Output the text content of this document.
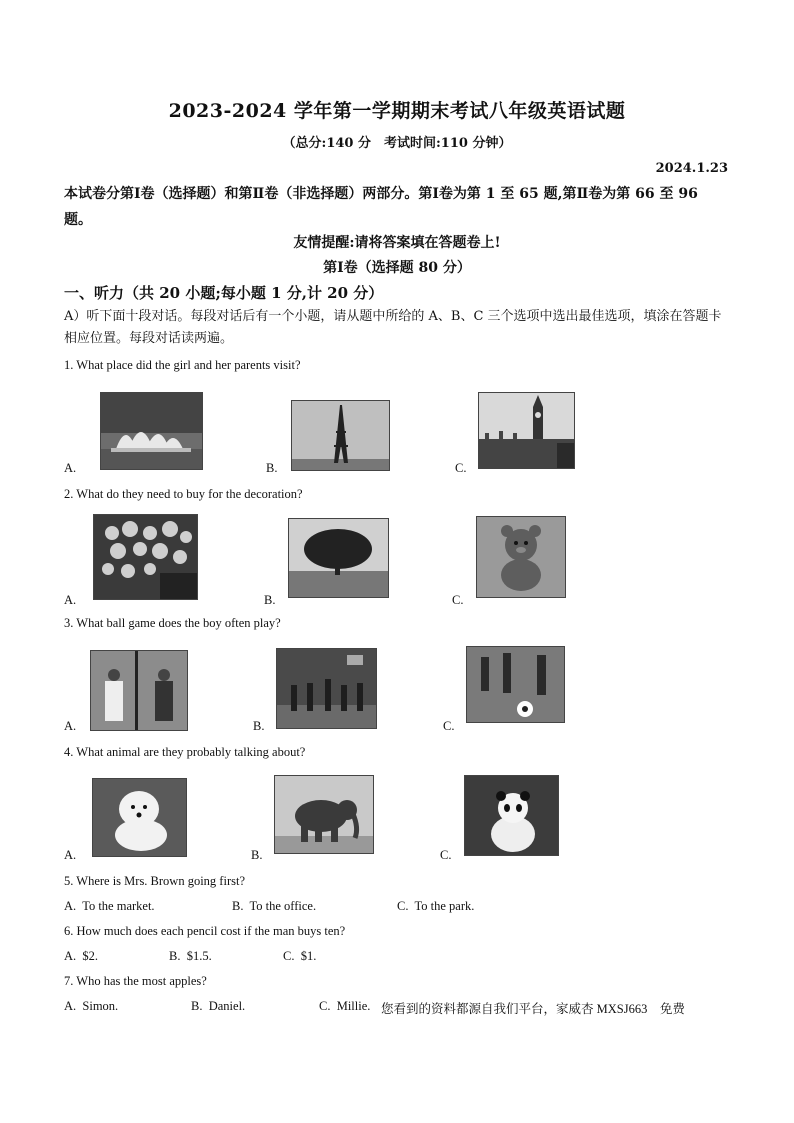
2023-2024 学年第一学期期末考试八年级英语试题
（总分:140 分　考试时间:110 分钟）
2024.1.23
本试卷分第Ⅰ卷（选择题）和第Ⅱ卷（非选择题）两部分。第Ⅰ卷为第 1 至 65 题,第Ⅱ卷为第 66 至 96 题。
友情提醒:请将答案填在答题卷上!
第Ⅰ卷（选择题 80 分）
一、听力（共 20 小题;每小题 1 分,计 20 分）
A）听下面十段对话。每段对话后有一个小题，请从题中所给的 A、B、C 三个选项中选出最佳选项，填涂在答题卡相应位置。每段对话读两遍。
1. What place did the girl and her parents visit?
A.	B.	C.
2. What do they need to buy for the decoration?
A.	B.	C.
3. What ball game does the boy often play?
A.	B.	C.
4. What animal are they probably talking about?
A.	B.	C.
5. Where is Mrs. Brown going first?
A. To the market.	B. To the office.	C. To the park.
6. How much does each pencil cost if the man buys ten?
A. $2.	B. $1.5.	C. $1.
7. Who has the most apples?
A. Simon.	B. Daniel.	C. Millie. 您看到的资料都源自我们平台，家威杏 MXSJ663　免费
